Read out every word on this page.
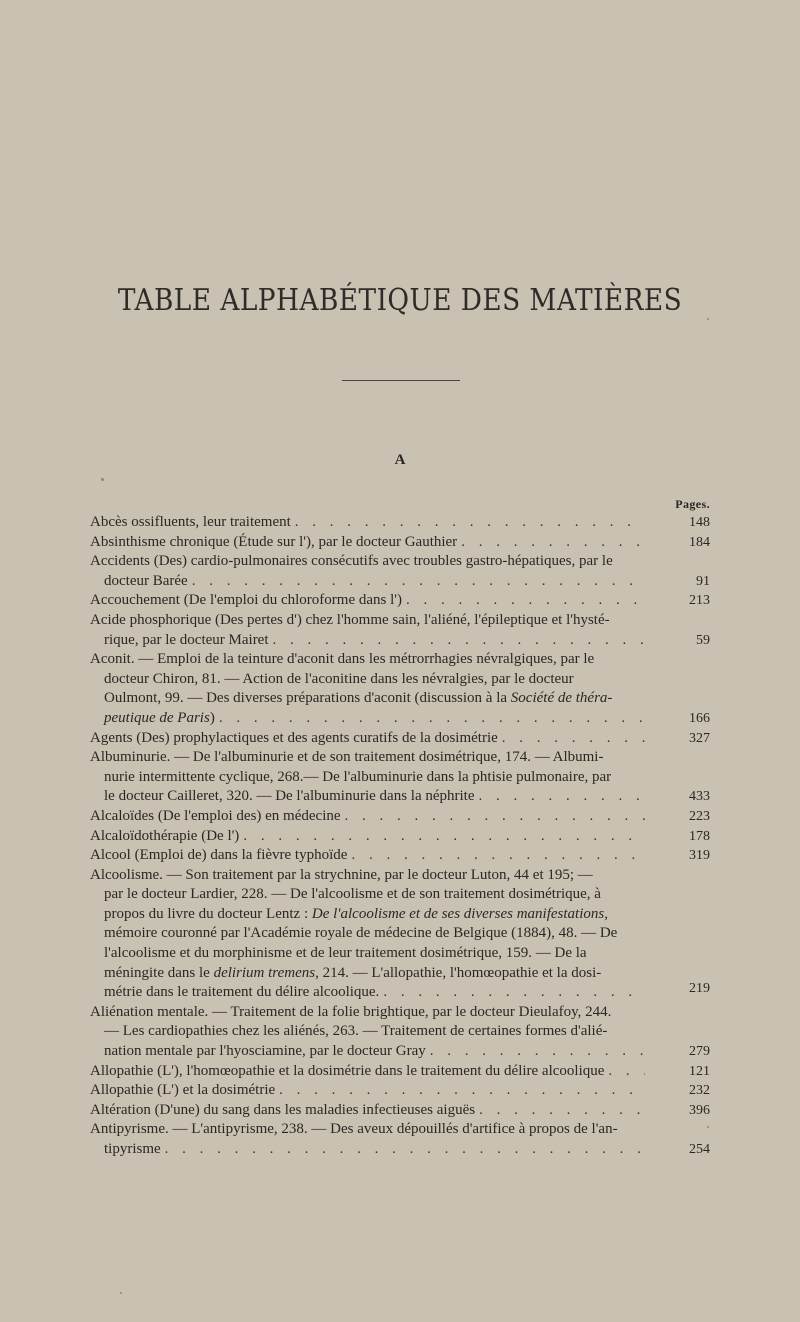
TABLE ALPHABÉTIQUE DES MATIÈRES
A
Pages.
Abcès ossifluents, leur traitement . . .	148
Absinthisme chronique (Étude sur l'), par le docteur Gauthier . . .	184
Accidents (Des) cardio-pulmonaires consécutifs avec troubles gastro-hépatiques, par le
docteur Barée . . .	91
Accouchement (De l'emploi du chloroforme dans l') . . .	213
Acide phosphorique (Des pertes d') chez l'homme sain, l'aliéné, l'épileptique et l'hysté-
rique, par le docteur Mairet . . .	59
Aconit. — Emploi de la teinture d'aconit dans les métrorrhagies névralgiques, par le
docteur Chiron, 81. — Action de l'aconitine dans les névralgies, par le docteur
Oulmont, 99. — Des diverses préparations d'aconit (discussion à la Société de théra-
peutique de Paris) . . .	166
Agents (Des) prophylactiques et des agents curatifs de la dosimétrie . . .	327
Albuminurie. — De l'albuminurie et de son traitement dosimétrique, 174. — Albumi-
nurie intermittente cyclique, 268.— De l'albuminurie dans la phtisie pulmonaire, par
le docteur Cailleret, 320. — De l'albuminurie dans la néphrite . . .	433
Alcaloïdes (De l'emploi des) en médecine . . .	223
Alcaloïdothérapie (De l') . . .	178
Alcool (Emploi de) dans la fièvre typhoïde . . .	319
Alcoolisme. — Son traitement par la strychnine, par le docteur Luton, 44 et 195; —
par le docteur Lardier, 228. — De l'alcoolisme et de son traitement dosimétrique, à
propos du livre du docteur Lentz : De l'alcoolisme et de ses diverses manifestations,
mémoire couronné par l'Académie royale de médecine de Belgique (1884), 48. — De
l'alcoolisme et du morphinisme et de leur traitement dosimétrique, 159. — De la
méningite dans le delirium tremens, 214. — L'allopathie, l'homœopathie et la dosi-
métrie dans le traitement du délire alcoolique. . . .	219
Aliénation mentale. — Traitement de la folie brightique, par le docteur Dieulafoy, 244.
— Les cardiopathies chez les aliénés, 263. — Traitement de certaines formes d'alié-
nation mentale par l'hyosciamine, par le docteur Gray . . .	279
Allopathie (L'), l'homœopathie et la dosimétrie dans le traitement du délire alcoolique . . .	121
Allopathie (L') et la dosimétrie . . .	232
Altération (D'une) du sang dans les maladies infectieuses aiguës . . .	396
Antipyrisme. — L'antipyrisme, 238. — Des aveux dépouillés d'artifice à propos de l'an-
tipyrisme . . .	254
